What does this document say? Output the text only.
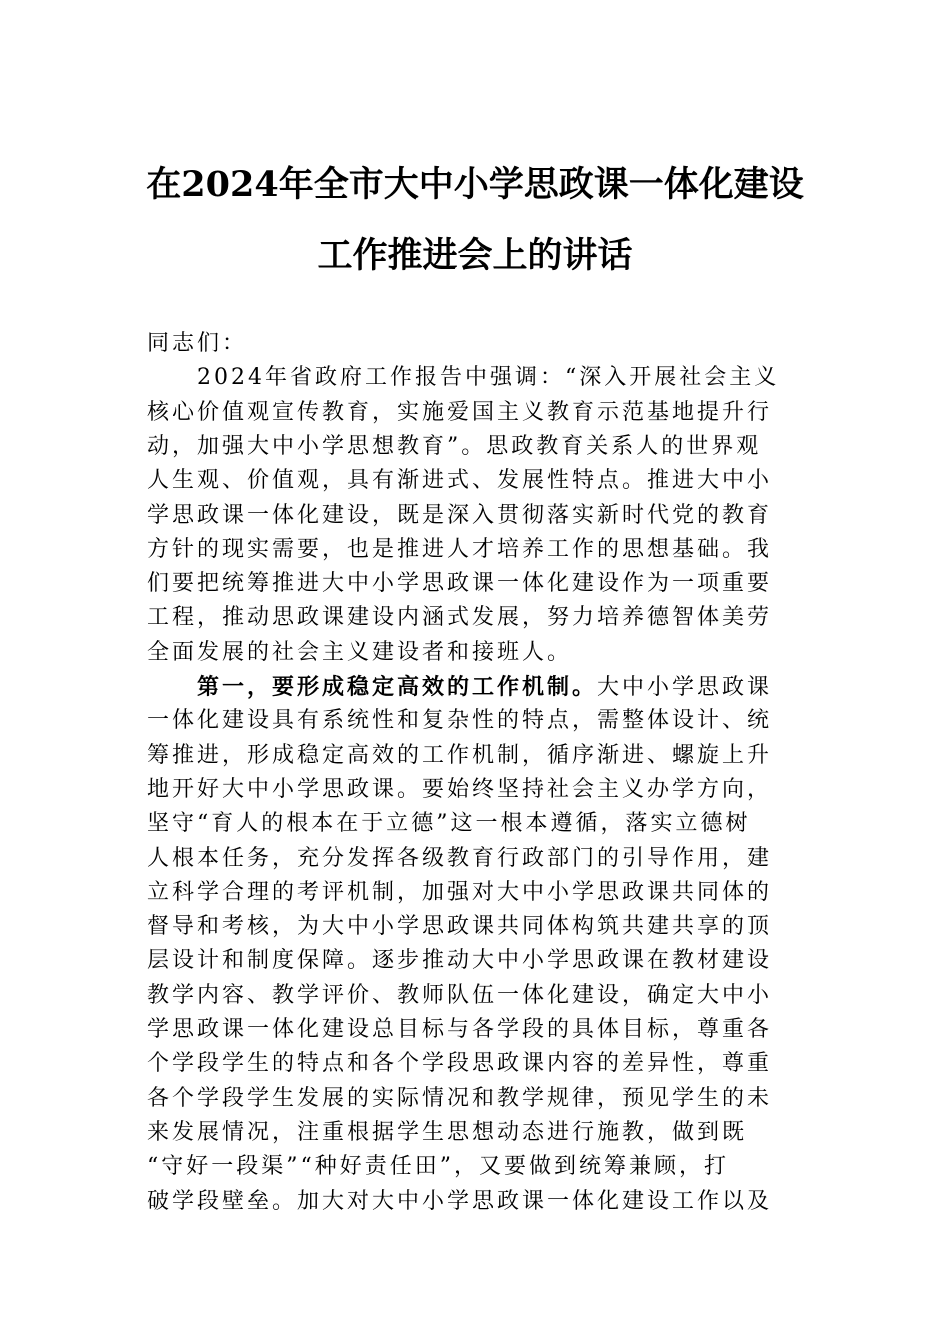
在2024年全市大中小学思政课一体化建设
工作推进会上的讲话
同志们：
2024年省政府工作报告中强调：“深入开展社会主义
核心价值观宣传教育，实施爱国主义教育示范基地提升行
动，加强大中小学思想教育”。思政教育关系人的世界观
人生观、价值观，具有渐进式、发展性特点。推进大中小
学思政课一体化建设，既是深入贯彻落实新时代党的教育
方针的现实需要，也是推进人才培养工作的思想基础。我
们要把统筹推进大中小学思政课一体化建设作为一项重要
工程，推动思政课建设内涵式发展，努力培养德智体美劳
全面发展的社会主义建设者和接班人。
第一，要形成稳定高效的工作机制。大中小学思政课
一体化建设具有系统性和复杂性的特点，需整体设计、统
筹推进，形成稳定高效的工作机制，循序渐进、螺旋上升
地开好大中小学思政课。要始终坚持社会主义办学方向，
坚守“育人的根本在于立德”这一根本遵循，落实立德树
人根本任务，充分发挥各级教育行政部门的引导作用，建
立科学合理的考评机制，加强对大中小学思政课共同体的
督导和考核，为大中小学思政课共同体构筑共建共享的顶
层设计和制度保障。逐步推动大中小学思政课在教材建设
教学内容、教学评价、教师队伍一体化建设，确定大中小
学思政课一体化建设总目标与各学段的具体目标，尊重各
个学段学生的特点和各个学段思政课内容的差异性，尊重
各个学段学生发展的实际情况和教学规律，预见学生的未
来发展情况，注重根据学生思想动态进行施教，做到既
“守好一段渠”“种好责任田”，又要做到统筹兼顾，打
破学段壁垒。加大对大中小学思政课一体化建设工作以及
